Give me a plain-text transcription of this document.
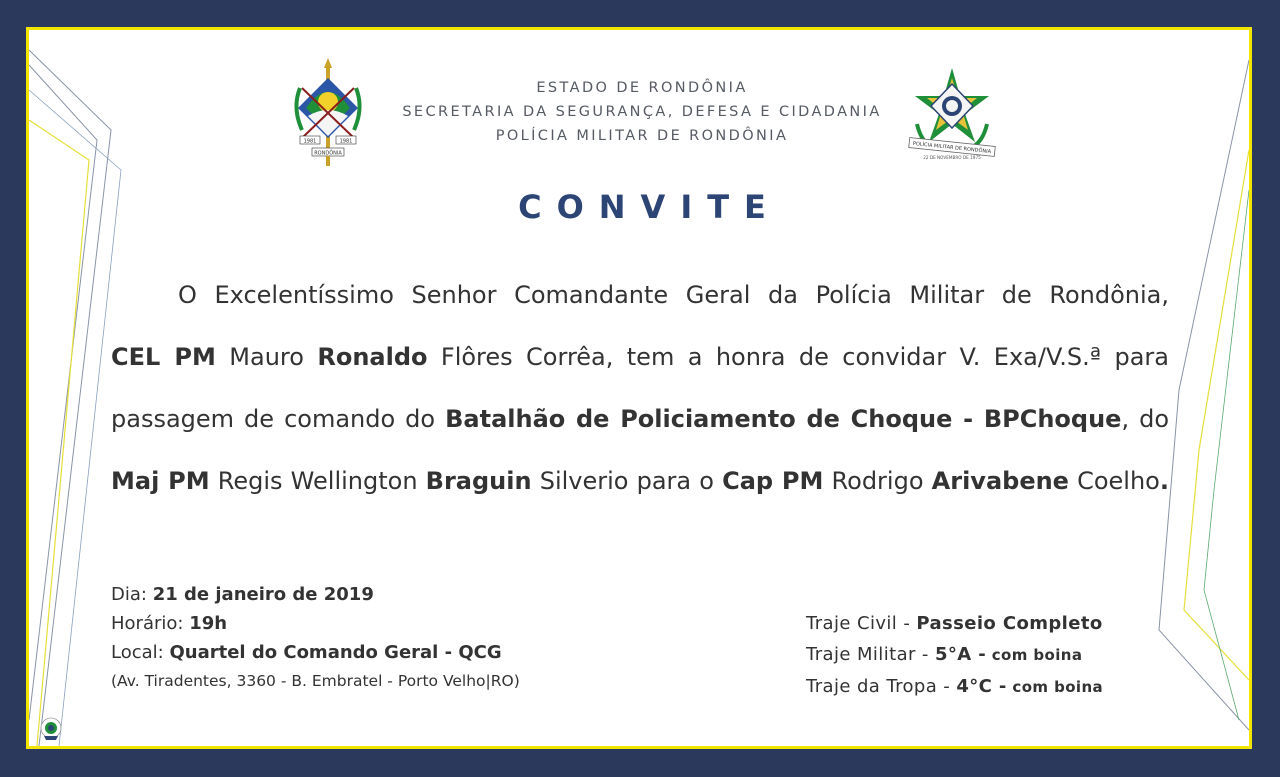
1981	1981
RONDÔNIA
ESTADO DE RONDÔNIA
SECRETARIA DA SEGURANÇA, DEFESA E CIDADANIA
POLÍCIA MILITAR DE RONDÔNIA
POLÍCIA MILITAR DE RONDÔNIA
22 DE NOVEMBRO DE 1975
CONVITE
O Excelentíssimo Senhor Comandante Geral da Polícia Militar de Rondônia,
CEL PM Mauro Ronaldo Flôres Corrêa, tem a honra de convidar V. Exa/V.S.ª para
passagem de comando do Batalhão de Policiamento de Choque - BPChoque, do
Maj PM Regis Wellington Braguin Silverio para o Cap PM Rodrigo Arivabene Coelho.
Dia: 21 de janeiro de 2019
Horário: 19h
Local: Quartel do Comando Geral - QCG
(Av. Tiradentes, 3360 - B. Embratel - Porto Velho|RO)
Traje Civil - Passeio Completo
Traje Militar - 5°A - com boina
Traje da Tropa - 4°C - com boina
